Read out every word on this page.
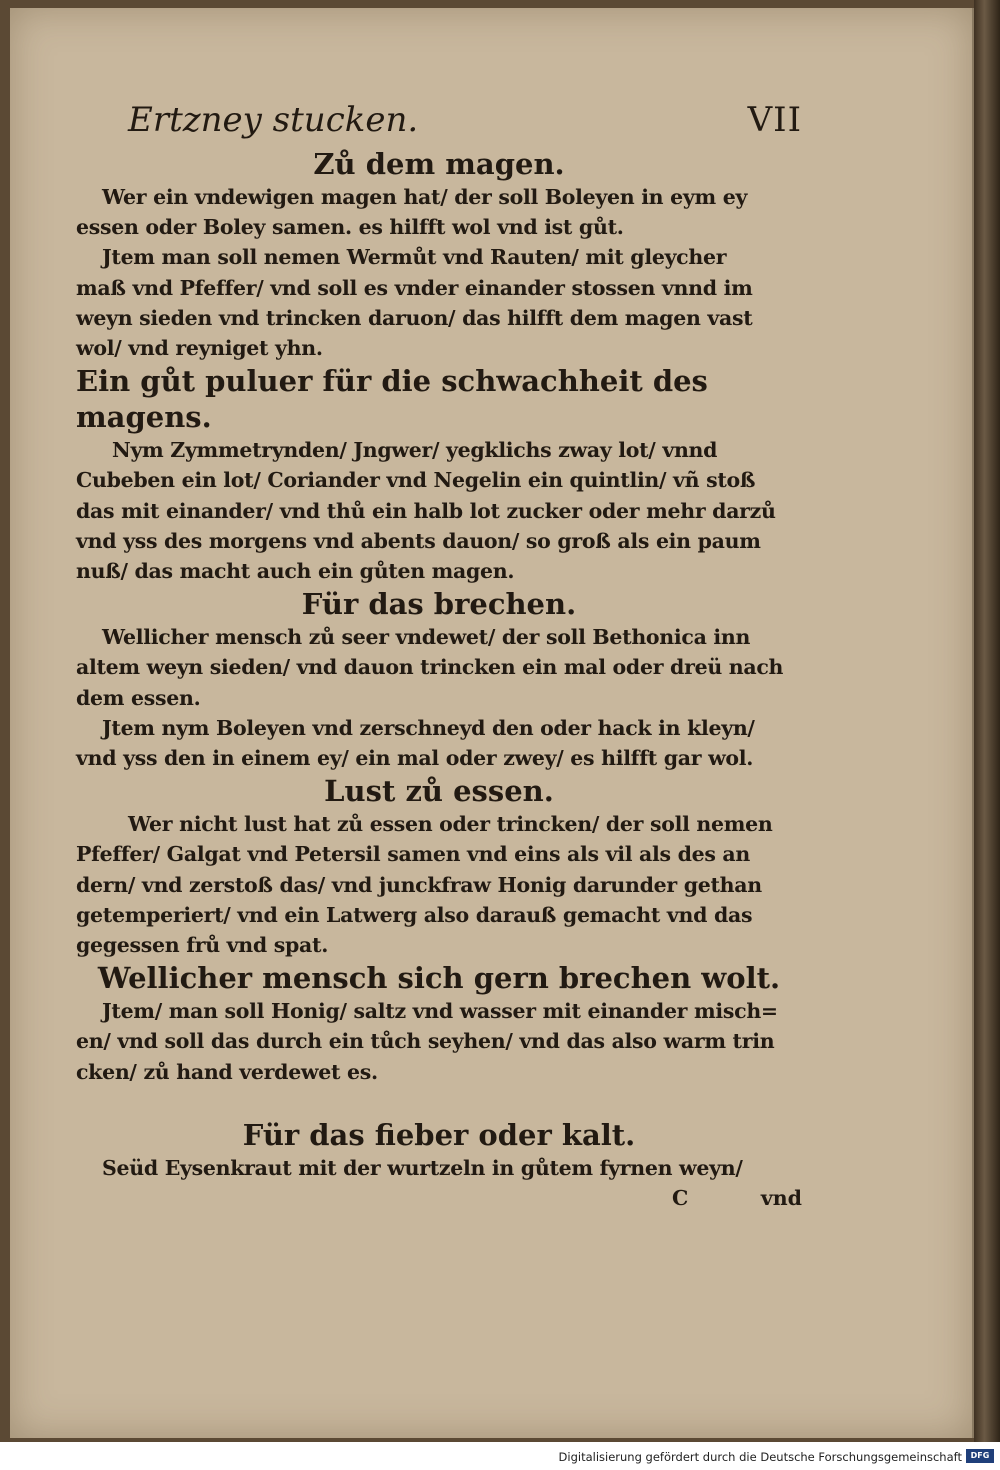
Ertzney stucken.	VII
Zů dem magen.
Wer ein vndewigen magen hat/ der soll Boleyen in eym ey
essen oder Boley samen. es hilfft wol vnd ist gůt.
Jtem man soll nemen Wermůt vnd Rauten/ mit gleycher
maß vnd Pfeffer/ vnd soll es vnder einander stossen vnnd im
weyn sieden vnd trincken daruon/ das hilfft dem magen vast
wol/ vnd reyniget yhn.
Ein gůt puluer für die schwachheit des magens.
Nym Zymmetrynden/ Jngwer/ yegklichs zway lot/ vnnd
Cubeben ein lot/ Coriander vnd Negelin ein quintlin/ vñ stoß
das mit einander/ vnd thů ein halb lot zucker oder mehr darzů
vnd yss des morgens vnd abents dauon/ so groß als ein paum
nuß/ das macht auch ein gůten magen.
Für das brechen.
Wellicher mensch zů seer vndewet/ der soll Bethonica inn
altem weyn sieden/ vnd dauon trincken ein mal oder dreü nach
dem essen.
Jtem nym Boleyen vnd zerschneyd den oder hack in kleyn/
vnd yss den in einem ey/ ein mal oder zwey/ es hilfft gar wol.
Lust zů essen.
Wer nicht lust hat zů essen oder trincken/ der soll nemen
Pfeffer/ Galgat vnd Petersil samen vnd eins als vil als des an
dern/ vnd zerstoß das/ vnd junckfraw Honig darunder gethan
getemperiert/ vnd ein Latwerg also darauß gemacht vnd das
gegessen frů vnd spat.
Wellicher mensch sich gern brechen wolt.
Jtem/ man soll Honig/ saltz vnd wasser mit einander misch=
en/ vnd soll das durch ein tůch seyhen/ vnd das also warm trin
cken/ zů hand verdewet es.
Für das fieber oder kalt.
Seüd Eysenkraut mit der wurtzeln in gůtem fyrnen weyn/
C	vnd
Digitalisierung gefördert durch die Deutsche Forschungsgemeinschaft	DFG
